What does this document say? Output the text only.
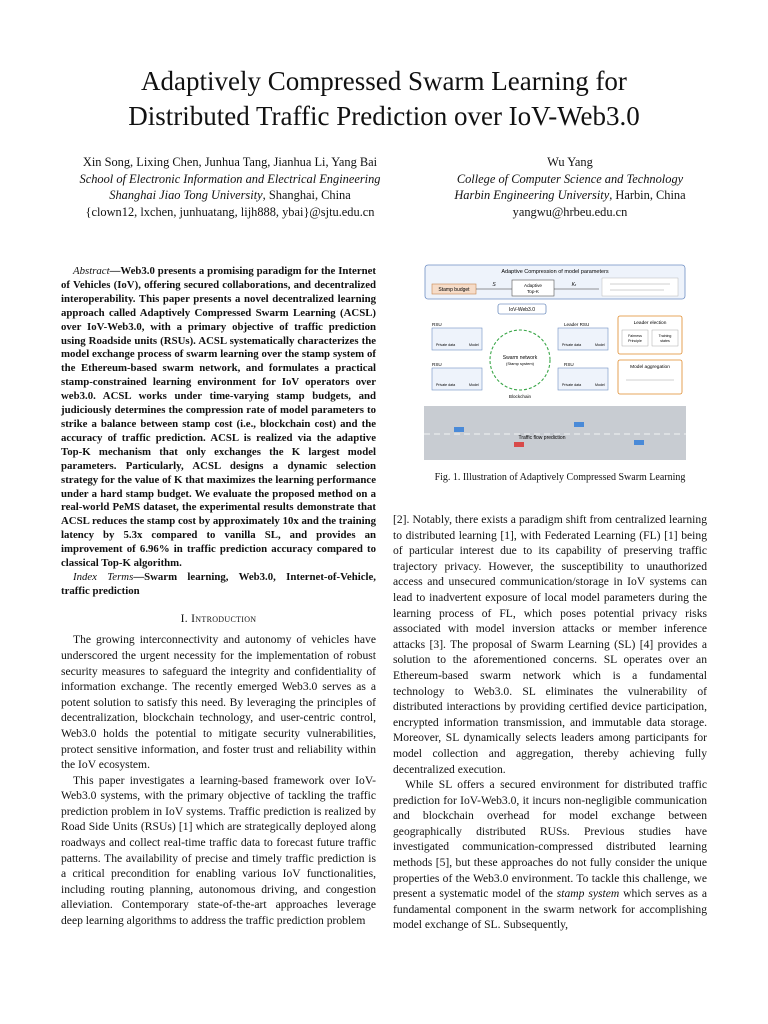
Adaptively Compressed Swarm Learning for
Distributed Traffic Prediction over IoV-Web3.0
Xin Song, Lixing Chen, Junhua Tang, Jianhua Li, Yang Bai
School of Electronic Information and Electrical Engineering
Shanghai Jiao Tong University, Shanghai, China
{clown12, lxchen, junhuatang, lijh888, ybai}@sjtu.edu.cn
Wu Yang
College of Computer Science and Technology
Harbin Engineering University, Harbin, China
yangwu@hrbeu.edu.cn

Abstract—Web3.0 presents a promising paradigm for the Internet of Vehicles (IoV), offering secured collaborations, and decentralized interoperability. This paper presents a novel decentralized learning approach called Adaptively Compressed Swarm Learning (ACSL) over IoV-Web3.0, with a primary objective of traffic prediction using Roadside units (RSUs). ACSL systematically characterizes the model exchange process of swarm learning over the stamp system of the Ethereum-based swarm network, and formulates a practical stamp-constrained learning environment for IoV operators over web3.0. ACSL works under time-varying stamp budgets, and judiciously determines the compression rate of model parameters to strike a balance between stamp cost (i.e., blockchain cost) and the accuracy of traffic prediction. ACSL is realized via the adaptive Top-K mechanism that only exchanges the K largest model parameters. Particularly, ACSL designs a dynamic selection strategy for the value of K that maximizes the learning performance under a hard stamp budget. We evaluate the proposed method on a real-world PeMS dataset, the experimental results demonstrate that ACSL reduces the stamp cost by approximately 10x and the training latency by 5.3x compared to vanilla SL, and provides an improvement of 6.96% in traffic prediction accuracy compared to classical Top-K algorithm.

Index Terms—Swarm learning, Web3.0, Internet-of-Vehicle, traffic prediction

I. Introduction

The growing interconnectivity and autonomy of vehicles have underscored the urgent necessity for the implementation of robust security measures to safeguard the integrity and confidentiality of information exchange. The recently emerged Web3.0 serves as a potent solution to satisfy this need. By leveraging the principles of decentralization, blockchain technology, and user-centric control, Web3.0 holds the potential to mitigate security vulnerabilities, protect sensitive information, and foster trust and reliability within the IoV ecosystem.

This paper investigates a learning-based framework over IoV-Web3.0 systems, with the primary objective of tackling the traffic prediction problem in IoV systems. Traffic prediction is realized by Road Side Units (RSUs) [1] which are strategically deployed along roadways and collect real-time traffic data to forecast future traffic patterns. The availability of precise and timely traffic prediction is a critical precondition for enabling various IoV functionalities, including routing planning, autonomous driving, and congestion alleviation. Contemporary state-of-the-art approaches leverage deep learning algorithms to address the traffic prediction problem

Adaptive Compression of model parameters
Stamp budget
S	Adaptive
Top-K
Kₜ
IoV-Web3.0
RSU
Private data	Model
RSU
Private data	Model
Leader RSU
Private data	Model
RSU
Private data	Model
Swarm network
(Stamp system)
Blockchain
Leader election
Fairness
Principle
Training
states
Model aggregation
Traffic flow prediction
Fig. 1. Illustration of Adaptively Compressed Swarm Learning

[2]. Notably, there exists a paradigm shift from centralized learning to distributed learning [1], with Federated Learning (FL) [1] being of particular interest due to its capability of preserving traffic trajectory privacy. However, the susceptibility to unauthorized access and unsecured communication/storage in IoV systems can lead to inadvertent exposure of local model parameters during the learning process of FL, which poses potential privacy risks associated with model inversion attacks or member inference attacks [3]. The proposal of Swarm Learning (SL) [4] provides a solution to the aforementioned concerns. SL operates over an Ethereum-based swarm network which is a fundamental technology to Web3.0. SL eliminates the vulnerability of distributed interactions by providing certified device participation, encrypted information transmission, and immutable data storage. Moreover, SL dynamically selects leaders among participants for model collection and aggregation, thereby achieving fully decentralized execution.

While SL offers a secured environment for distributed traffic prediction for IoV-Web3.0, it incurs non-negligible communication and blockchain overhead for model exchange between geographically distributed RUSs. Previous studies have investigated communication-compressed distributed learning methods [5], but these approaches do not fully consider the unique properties of the Web3.0 environment. To tackle this challenge, we present a systematic model of the stamp system which serves as a fundamental component in the swarm network for accomplishing model exchange of SL. Subsequently,
